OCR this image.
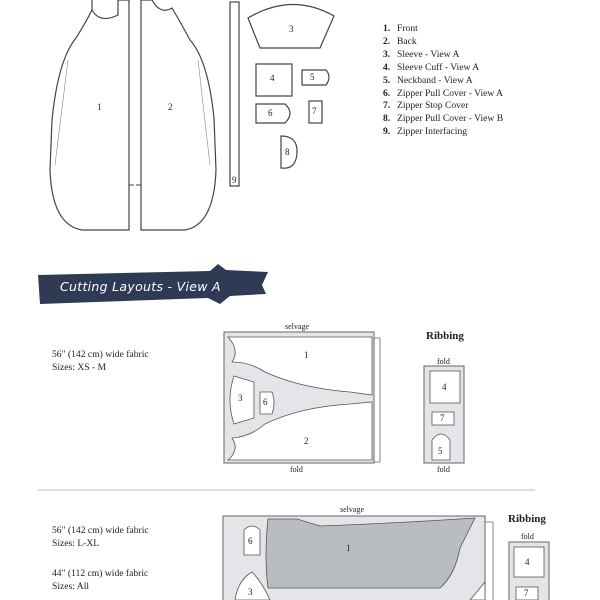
1	2
3
4	5
6	7
8
9
1. Front
2. Back
3. Sleeve - View A
4. Sleeve Cuff - View A
5. Neckband - View A
6. Zipper Pull Cover - View A
7. Zipper Stop Cover
8. Zipper Pull Cover - View B
9. Zipper Interfacing
Cutting Layouts - View A
56" (142 cm) wide fabric
Sizes: XS - M
selvage
fold
1
2
3 6
Ribbing
fold
fold
4
7
5
56" (142 cm) wide fabric
Sizes: L-XL
44" (112 cm) wide fabric
Sizes: All
selvage
1
6
3
Ribbing
fold
4
7
